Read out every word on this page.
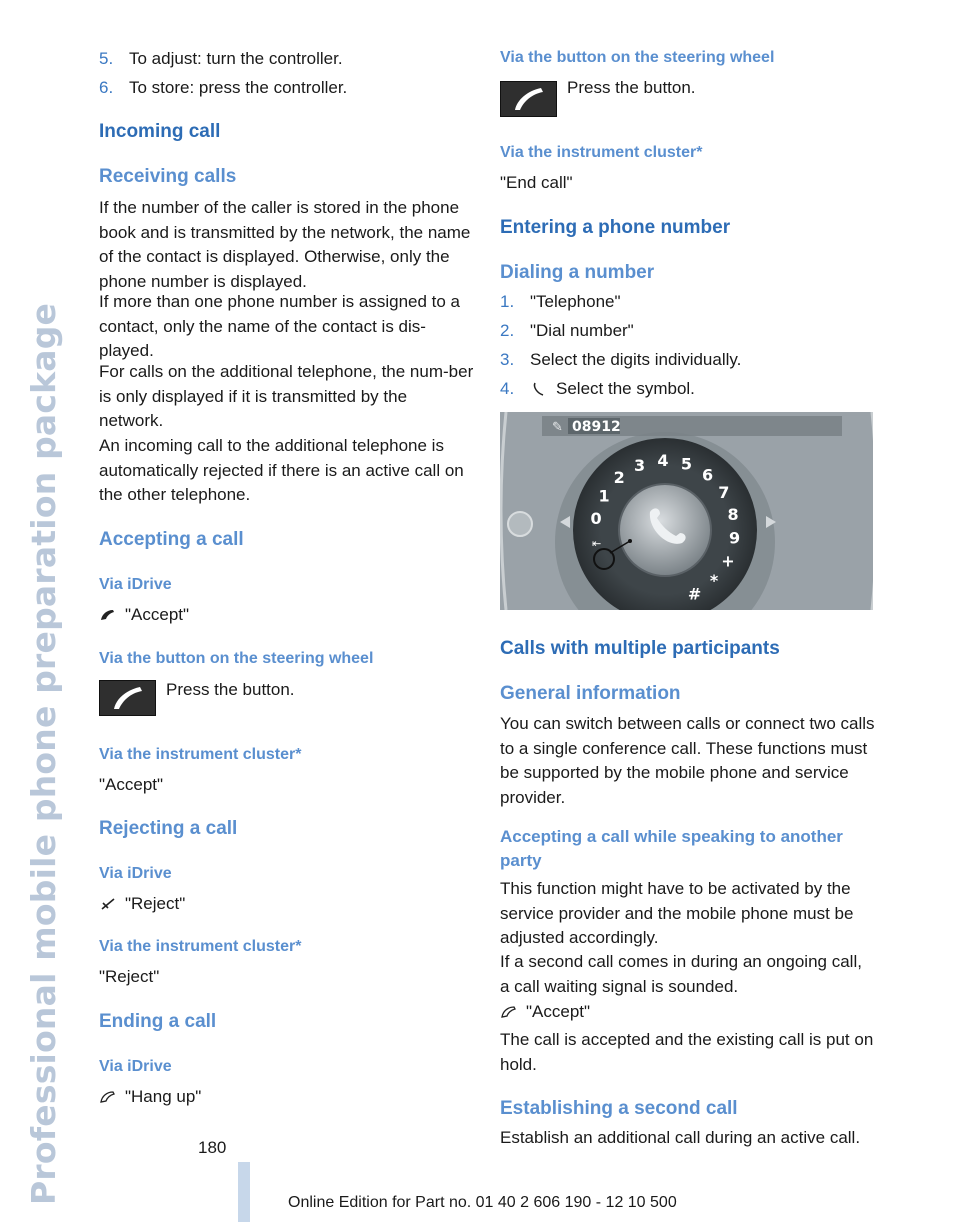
Professional mobile phone preparation package
5. To adjust: turn the controller.
6. To store: press the controller.
Incoming call
Receiving calls
If the number of the caller is stored in the phone book and is transmitted by the network, the name of the contact is displayed. Otherwise, only the phone number is displayed.
If more than one phone number is assigned to a contact, only the name of the contact is dis-played.
For calls on the additional telephone, the num-ber is only displayed if it is transmitted by the network.
An incoming call to the additional telephone is automatically rejected if there is an active call on the other telephone.
Accepting a call
Via iDrive
"Accept"
Via the button on the steering wheel
Press the button.
Via the instrument cluster*
"Accept"
Rejecting a call
Via iDrive
"Reject"
Via the instrument cluster*
"Reject"
Ending a call
Via iDrive
"Hang up"
Via the button on the steering wheel
Press the button.
Via the instrument cluster*
"End call"
Entering a phone number
Dialing a number
1. "Telephone"
2. "Dial number"
3. Select the digits individually.
4. Select the symbol.
✎ 08912
⇤
0
1
2
3 4 5
6
7
8
9
+
*
#
Calls with multiple participants
General information
You can switch between calls or connect two calls to a single conference call. These functions must be supported by the mobile phone and service provider.
Accepting a call while speaking to another party
This function might have to be activated by the service provider and the mobile phone must be adjusted accordingly.
If a second call comes in during an ongoing call, a call waiting signal is sounded.
"Accept"
The call is accepted and the existing call is put on hold.
Establishing a second call
Establish an additional call during an active call.
180
Online Edition for Part no. 01 40 2 606 190 - 12 10 500
